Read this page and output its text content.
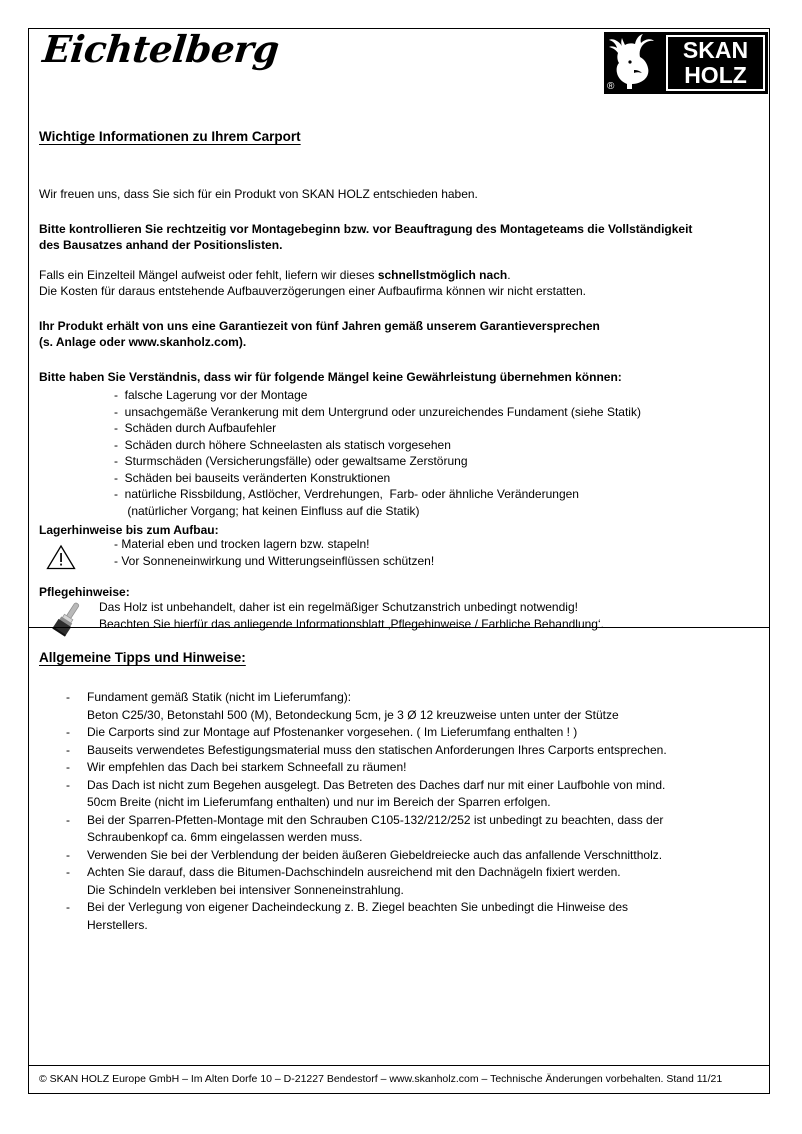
Eichtelberg
®
SKAN
HOLZ
Wichtige Informationen zu Ihrem Carport

Wir freuen uns, dass Sie sich für ein Produkt von SKAN HOLZ entschieden haben.

Bitte kontrollieren Sie rechtzeitig vor Montagebeginn bzw. vor Beauftragung des Montageteams die Vollständigkeit des Bausatzes anhand der Positionslisten.

Falls ein Einzelteil Mängel aufweist oder fehlt, liefern wir dieses schnellstmöglich nach.

Die Kosten für daraus entstehende Aufbauverzögerungen einer Aufbaufirma können wir nicht erstatten.

Ihr Produkt erhält von uns eine Garantiezeit von fünf Jahren gemäß unserem Garantieversprechen

(s. Anlage oder www.skanholz.com).

Bitte haben Sie Verständnis, dass wir für folgende Mängel keine Gewährleistung übernehmen können:

-  falsche Lagerung vor der Montage
-  unsachgemäße Verankerung mit dem Untergrund oder unzureichendes Fundament (siehe Statik)
-  Schäden durch Aufbaufehler
-  Schäden durch höhere Schneelasten als statisch vorgesehen
-  Sturmschäden (Versicherungsfälle) oder gewaltsame Zerstörung
-  Schäden bei bauseits veränderten Konstruktionen
-  natürliche Rissbildung, Astlöcher, Verdrehungen,  Farb- oder ähnliche Veränderungen
(natürlicher Vorgang; hat keinen Einfluss auf die Statik)

Lagerhinweise bis zum Aufbau:

- Material eben und trocken lagern bzw. stapeln!
- Vor Sonneneinwirkung und Witterungseinflüssen schützen!

Pflegehinweise:

Das Holz ist unbehandelt, daher ist ein regelmäßiger Schutzanstrich unbedingt notwendig!
Beachten Sie hierfür das anliegende Informationsblatt ‚Pflegehinweise / Farbliche Behandlung‘.
Allgemeine Tipps und Hinweise:
- Fundament gemäß Statik (nicht im Lieferumfang):
Beton C25/30, Betonstahl 500 (M), Betondeckung 5cm, je 3 Ø 12 kreuzweise unten unter der Stütze
- Die Carports sind zur Montage auf Pfostenanker vorgesehen. ( Im Lieferumfang enthalten ! )
- Bauseits verwendetes Befestigungsmaterial muss den statischen Anforderungen Ihres Carports entsprechen.
- Wir empfehlen das Dach bei starkem Schneefall zu räumen!
- Das Dach ist nicht zum Begehen ausgelegt. Das Betreten des Daches darf nur mit einer Laufbohle von mind.
50cm Breite (nicht im Lieferumfang enthalten) und nur im Bereich der Sparren erfolgen.
- Bei der Sparren-Pfetten-Montage mit den Schrauben C105-132/212/252 ist unbedingt zu beachten, dass der
Schraubenkopf ca. 6mm eingelassen werden muss.
- Verwenden Sie bei der Verblendung der beiden äußeren Giebeldreiecke auch das anfallende Verschnittholz.
- Achten Sie darauf, dass die Bitumen-Dachschindeln ausreichend mit den Dachnägeln fixiert werden.
Die Schindeln verkleben bei intensiver Sonneneinstrahlung.
- Bei der Verlegung von eigener Dacheindeckung z. B. Ziegel beachten Sie unbedingt die Hinweise des
Herstellers.
© SKAN HOLZ Europe GmbH – Im Alten Dorfe 10 – D-21227 Bendestorf – www.skanholz.com – Technische Änderungen vorbehalten. Stand 11/21
